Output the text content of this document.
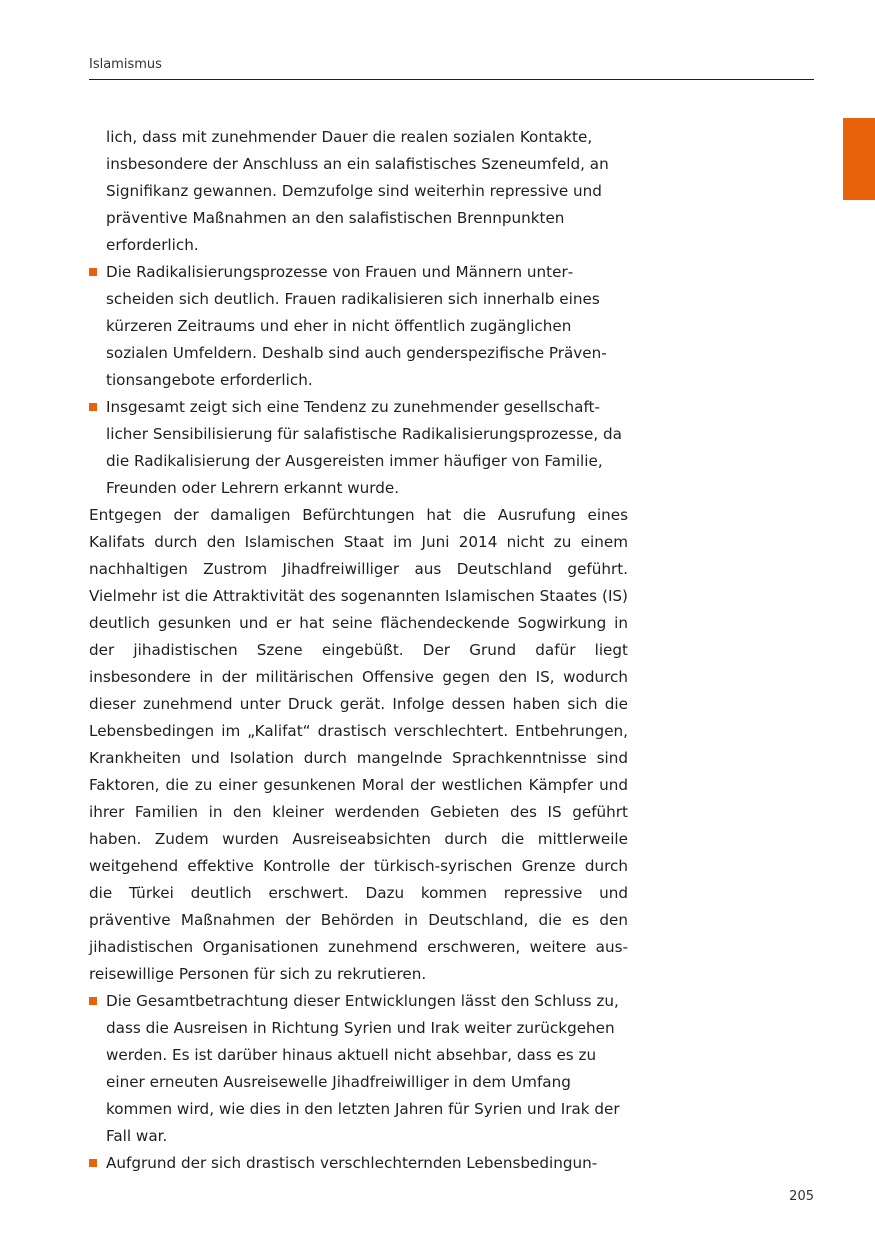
Islamismus
lich, dass mit zunehmender Dauer die realen sozialen Kontakte, insbesondere der Anschluss an ein salafistisches Szeneumfeld, an Signifikanz gewannen. Demzufolge sind weiterhin repressive und präventive Maßnahmen an den salafistischen Brennpunkten erforderlich.
Die Radikalisierungsprozesse von Frauen und Männern unterscheiden sich deutlich. Frauen radikalisieren sich innerhalb eines kürzeren Zeitraums und eher in nicht öffentlich zugänglichen sozialen Umfeldern. Deshalb sind auch genderspezifische Präventionsangebote erforderlich.
Insgesamt zeigt sich eine Tendenz zu zunehmender gesellschaftlicher Sensibilisierung für salafistische Radikalisierungsprozesse, da die Radikalisierung der Ausgereisten immer häufiger von Familie, Freunden oder Lehrern erkannt wurde.

Entgegen der damaligen Befürchtungen hat die Ausrufung eines Kalifats durch den Islamischen Staat im Juni 2014 nicht zu einem nachhaltigen Zustrom Jihadfreiwilliger aus Deutschland geführt. Vielmehr ist die Attraktivität des sogenannten Islamischen Staates (IS) deutlich gesunken und er hat seine flächendeckende Sogwirkung in der jihadistischen Szene eingebüßt. Der Grund dafür liegt insbesondere in der militärischen Offensive gegen den IS, wodurch dieser zunehmend unter Druck gerät. Infolge dessen haben sich die Lebensbedingen im „Kalifat“ drastisch verschlechtert. Entbehrungen, Krankheiten und Isolation durch mangelnde Sprachkenntnisse sind Faktoren, die zu einer gesunkenen Moral der westlichen Kämpfer und ihrer Familien in den kleiner werdenden Gebieten des IS geführt haben. Zudem wurden Ausreiseabsichten durch die mittlerweile weitgehend effektive Kontrolle der türkisch-syrischen Grenze durch die Türkei deutlich erschwert. Dazu kommen repressive und präventive Maßnahmen der Behörden in Deutschland, die es den jihadistischen Organisationen zunehmend erschweren, weitere ausreisewillige Personen für sich zu rekrutieren.

Die Gesamtbetrachtung dieser Entwicklungen lässt den Schluss zu, dass die Ausreisen in Richtung Syrien und Irak weiter zurückgehen werden. Es ist darüber hinaus aktuell nicht absehbar, dass es zu einer erneuten Ausreisewelle Jihadfreiwilliger in dem Umfang kommen wird, wie dies in den letzten Jahren für Syrien und Irak der Fall war.
Aufgrund der sich drastisch verschlechternden Lebensbedingun-
205
